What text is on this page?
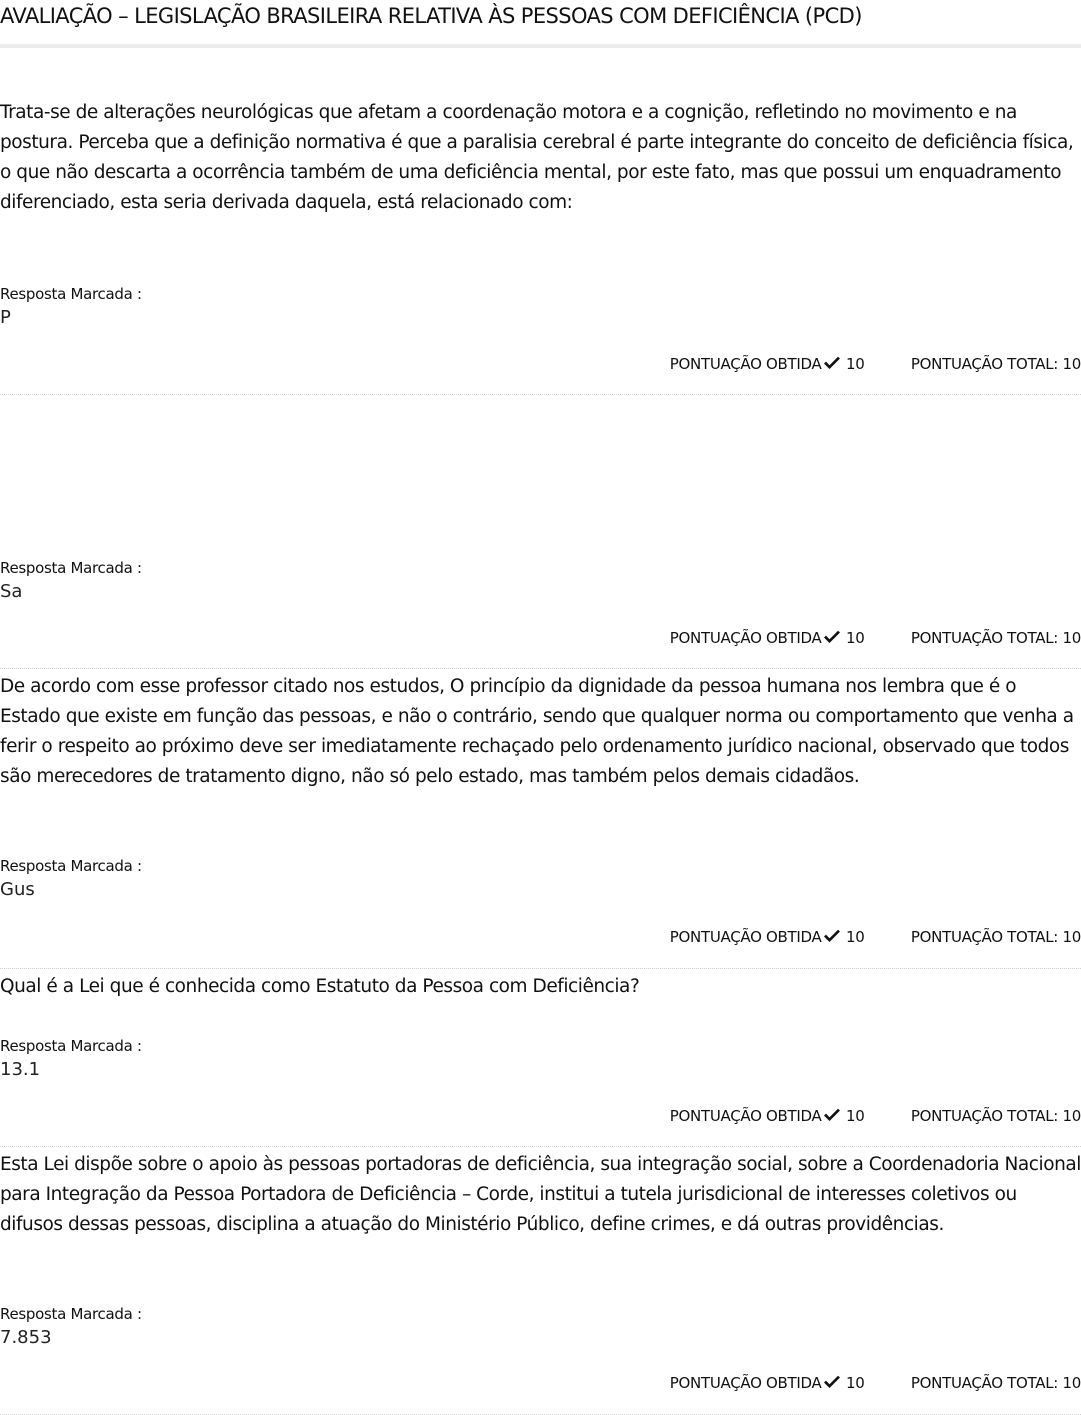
AVALIAÇÃO – LEGISLAÇÃO BRASILEIRA RELATIVA ÀS PESSOAS COM DEFICIÊNCIA (PCD)

Trata-se de alterações neurológicas que afetam a coordenação motora e a cognição, refletindo no movimento e na postura. Perceba que a definição normativa é que a paralisia cerebral é parte integrante do conceito de deficiência física, o que não descarta a ocorrência também de uma deficiência mental, por este fato, mas que possui um enquadramento diferenciado, esta seria derivada daquela, está relacionado com:

Resposta Marcada :
P
PONTUAÇÃO OBTIDA 10	PONTUAÇÃO TOTAL: 10

Resposta Marcada :
Sa
PONTUAÇÃO OBTIDA 10	PONTUAÇÃO TOTAL: 10

De acordo com esse professor citado nos estudos, O princípio da dignidade da pessoa humana nos lembra que é o Estado que existe em função das pessoas, e não o contrário, sendo que qualquer norma ou comportamento que venha a ferir o respeito ao próximo deve ser imediatamente rechaçado pelo ordenamento jurídico nacional, observado que todos são merecedores de tratamento digno, não só pelo estado, mas também pelos demais cidadãos.

Resposta Marcada :
Gus
PONTUAÇÃO OBTIDA 10	PONTUAÇÃO TOTAL: 10

Qual é a Lei que é conhecida como Estatuto da Pessoa com Deficiência?

Resposta Marcada :
13.1
PONTUAÇÃO OBTIDA 10	PONTUAÇÃO TOTAL: 10

Esta Lei dispõe sobre o apoio às pessoas portadoras de deficiência, sua integração social, sobre a Coordenadoria Nacional para Integração da Pessoa Portadora de Deficiência – Corde, institui a tutela jurisdicional de interesses coletivos ou difusos dessas pessoas, disciplina a atuação do Ministério Público, define crimes, e dá outras providências.

Resposta Marcada :
7.853
PONTUAÇÃO OBTIDA 10	PONTUAÇÃO TOTAL: 10
